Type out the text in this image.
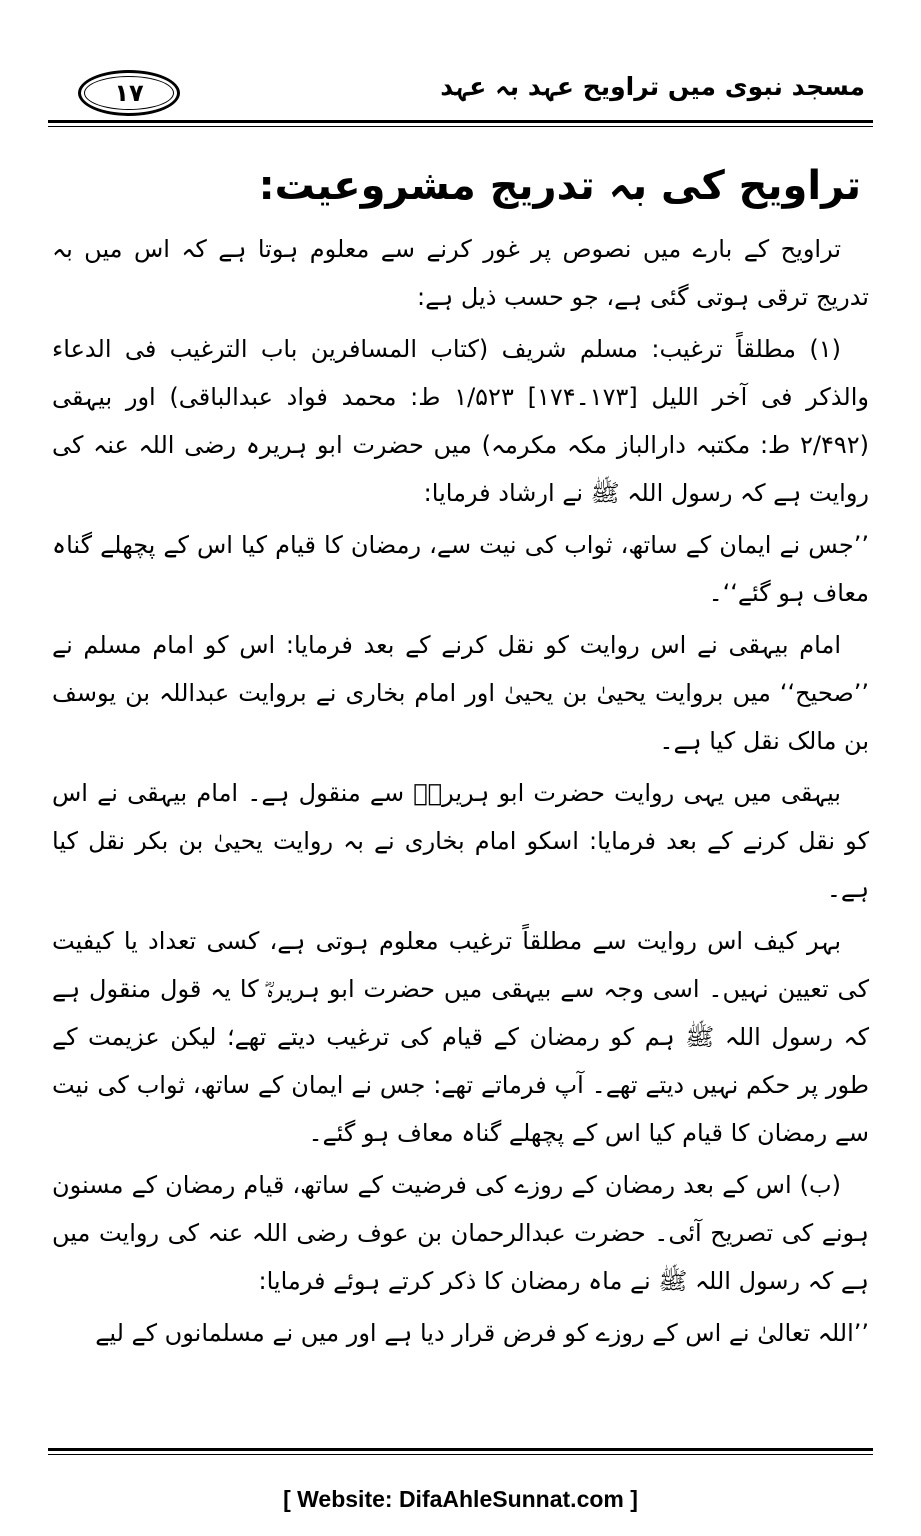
۱۷	مسجد نبوی میں تراویح عہد بہ عہد
تراویح کی بہ تدریج مشروعیت:

تراویح کے بارے میں نصوص پر غور کرنے سے معلوم ہوتا ہے کہ اس میں بہ تدریج ترقی ہوتی گئی ہے، جو حسب ذیل ہے:

(۱) مطلقاً ترغیب: مسلم شریف (کتاب المسافرین باب الترغیب فی الدعاء والذکر فی آخر اللیل [۱۷۳۔۱۷۴] ۱/۵۲۳ ط: محمد فواد عبدالباقی) اور بیہقی (۲/۴۹۲ ط: مکتبہ دارالباز مکہ مکرمہ) میں حضرت ابو ہریرہ رضی اللہ عنہ کی روایت ہے کہ رسول اللہ ﷺ نے ارشاد فرمایا:

’’جس نے ایمان کے ساتھ، ثواب کی نیت سے، رمضان کا قیام کیا اس کے پچھلے گناہ معاف ہو گئے‘‘۔

امام بیہقی نے اس روایت کو نقل کرنے کے بعد فرمایا: اس کو امام مسلم نے ’’صحیح‘‘ میں بروایت یحییٰ بن یحییٰ اور امام بخاری نے بروایت عبداللہ بن یوسف بن مالک نقل کیا ہے۔

بیہقی میں یہی روایت حضرت ابو ہریرہؓ سے منقول ہے۔ امام بیہقی نے اس کو نقل کرنے کے بعد فرمایا: اسکو امام بخاری نے بہ روایت یحییٰ بن بکر نقل کیا ہے۔

بہر کیف اس روایت سے مطلقاً ترغیب معلوم ہوتی ہے، کسی تعداد یا کیفیت کی تعیین نہیں۔ اسی وجہ سے بیہقی میں حضرت ابو ہریرہؓ کا یہ قول منقول ہے کہ رسول اللہ ﷺ ہم کو رمضان کے قیام کی ترغیب دیتے تھے؛ لیکن عزیمت کے طور پر حکم نہیں دیتے تھے۔ آپ فرماتے تھے: جس نے ایمان کے ساتھ، ثواب کی نیت سے رمضان کا قیام کیا اس کے پچھلے گناہ معاف ہو گئے۔

(ب) اس کے بعد رمضان کے روزے کی فرضیت کے ساتھ، قیام رمضان کے مسنون ہونے کی تصریح آئی۔ حضرت عبدالرحمان بن عوف رضی اللہ عنہ کی روایت میں ہے کہ رسول اللہ ﷺ نے ماہ رمضان کا ذکر کرتے ہوئے فرمایا:

’’اللہ تعالیٰ نے اس کے روزے کو فرض قرار دیا ہے اور میں نے مسلمانوں کے لیے

[ Website: DifaAhleSunnat.com ]
